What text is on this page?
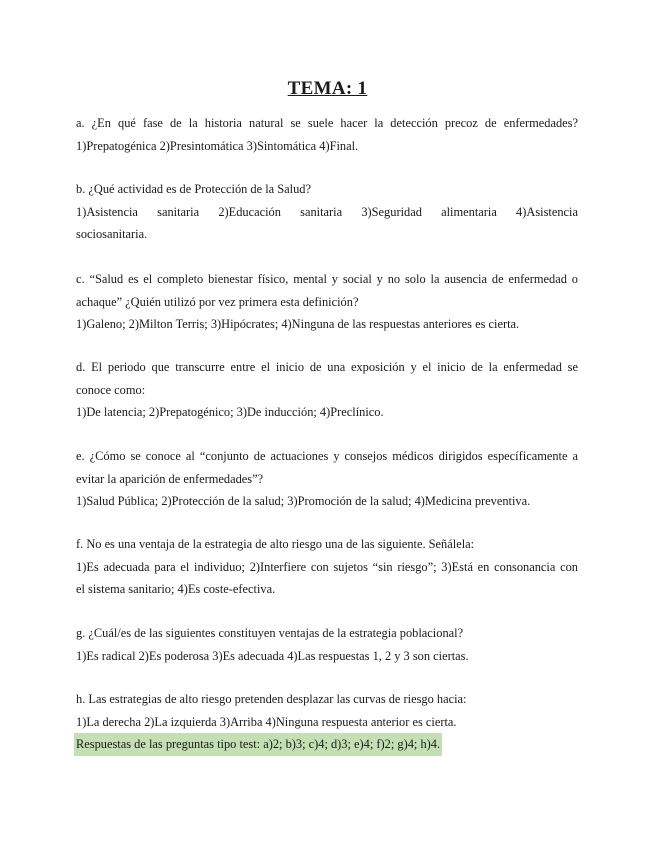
TEMA: 1
a. ¿En qué fase de la historia natural se suele hacer la detección precoz de enfermedades?
1)Prepatogénica 2)Presintomática 3)Sintomática 4)Final.
b. ¿Qué actividad es de Protección de la Salud?
1)Asistencia sanitaria 2)Educación sanitaria 3)Seguridad alimentaria 4)Asistencia
sociosanitaria.
c. “Salud es el completo bienestar físico, mental y social y no solo la ausencia de enfermedad o
achaque” ¿Quién utilizó por vez primera esta definición?
1)Galeno; 2)Milton Terris; 3)Hipócrates; 4)Ninguna de las respuestas anteriores es cierta.
d. El periodo que transcurre entre el inicio de una exposición y el inicio de la enfermedad se
conoce como:
1)De latencia; 2)Prepatogénico; 3)De inducción; 4)Preclínico.
e. ¿Cómo se conoce al “conjunto de actuaciones y consejos médicos dirigidos específicamente a
evitar la aparición de enfermedades”?
1)Salud Pública; 2)Protección de la salud; 3)Promoción de la salud; 4)Medicina preventiva.
f. No es una ventaja de la estrategia de alto riesgo una de las siguiente. Señálela:
1)Es adecuada para el individuo; 2)Interfiere con sujetos “sin riesgo”; 3)Está en consonancia con
el sistema sanitario; 4)Es coste-efectiva.
g. ¿Cuál/es de las siguientes constituyen ventajas de la estrategia poblacional?
1)Es radical 2)Es poderosa 3)Es adecuada 4)Las respuestas 1, 2 y 3 son ciertas.
h. Las estrategias de alto riesgo pretenden desplazar las curvas de riesgo hacia:
1)La derecha 2)La izquierda 3)Arriba 4)Ninguna respuesta anterior es cierta.
Respuestas de las preguntas tipo test: a)2; b)3; c)4; d)3; e)4; f)2; g)4; h)4.
